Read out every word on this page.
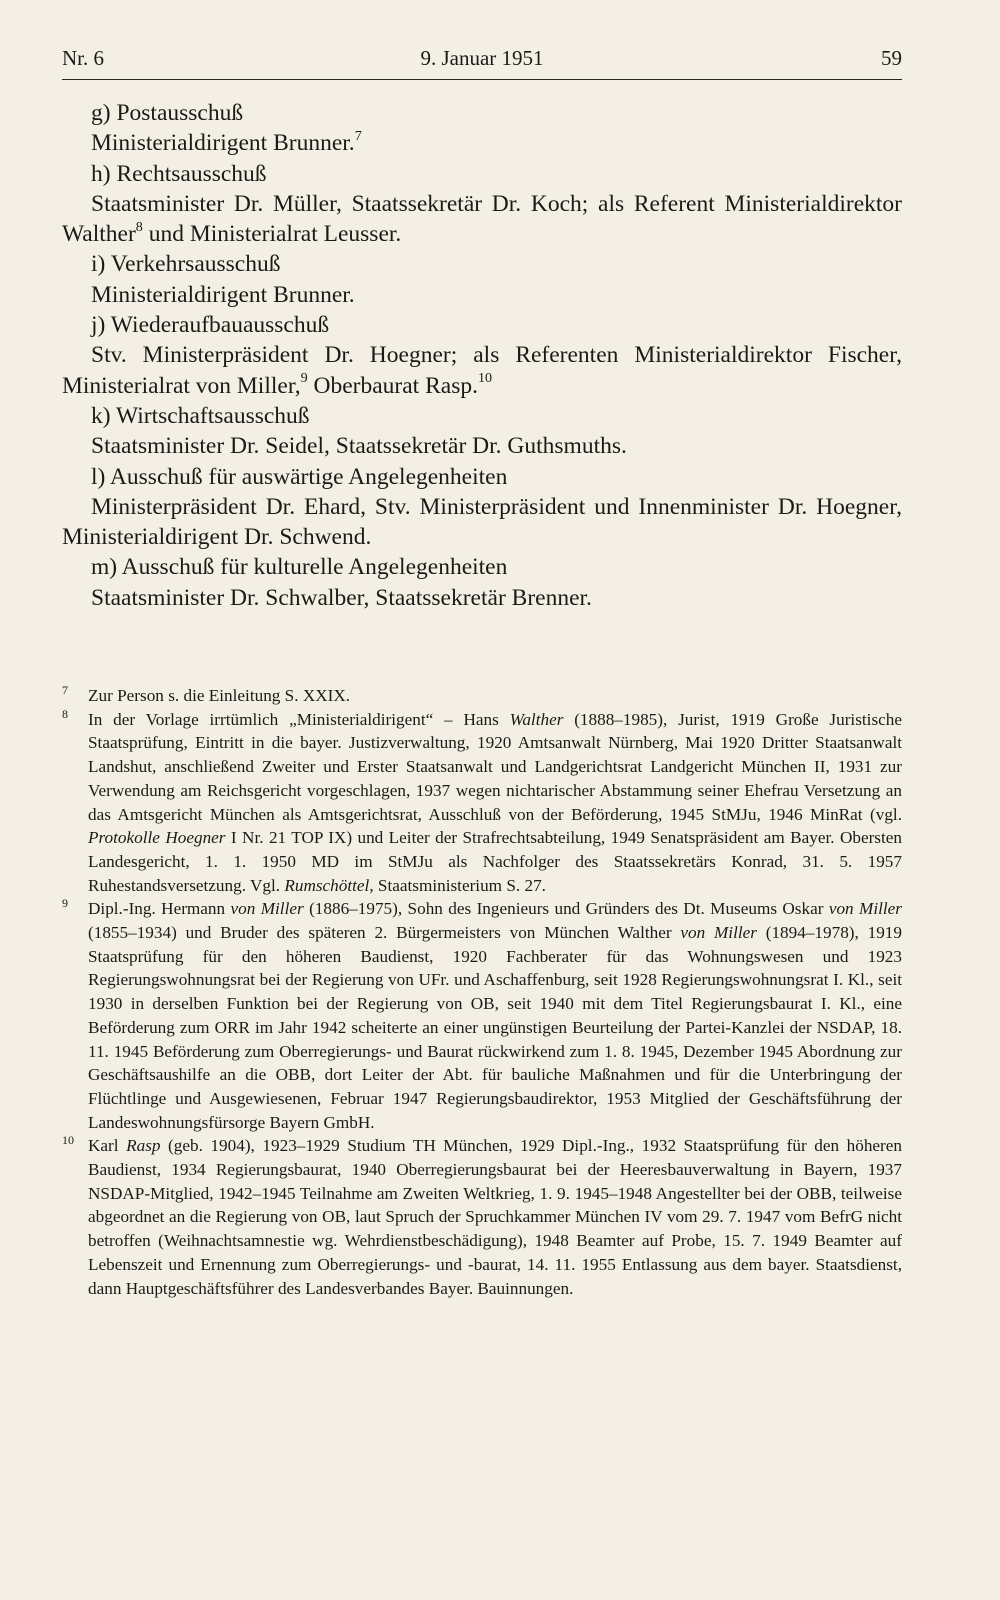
Nr. 6	9. Januar 1951	59

g) Postausschuß

Ministerialdirigent Brunner.$^7$

h) Rechtsausschuß

Staatsminister Dr. Müller, Staatssekretär Dr. Koch; als Referent Ministerialdirektor Walther$^8$ und Ministerialrat Leusser.

i) Verkehrsausschuß

Ministerialdirigent Brunner.

j) Wiederaufbauausschuß

Stv. Ministerpräsident Dr. Hoegner; als Referenten Ministerialdirektor Fischer, Ministerialrat von Miller,$^9$ Oberbaurat Rasp.$^{10}$

k) Wirtschaftsausschuß

Staatsminister Dr. Seidel, Staatssekretär Dr. Guthsmuths.

l) Ausschuß für auswärtige Angelegenheiten

Ministerpräsident Dr. Ehard, Stv. Ministerpräsident und Innenminister Dr. Hoegner, Ministerialdirigent Dr. Schwend.

m) Ausschuß für kulturelle Angelegenheiten

Staatsminister Dr. Schwalber, Staatssekretär Brenner.

7 Zur Person s. die Einleitung S. XXIX.

8 In der Vorlage irrtümlich „Ministerialdirigent“ – Hans Walther (1888–1985), Jurist, 1919 Große Juristische Staatsprüfung, Eintritt in die bayer. Justizverwaltung, 1920 Amtsanwalt Nürnberg, Mai 1920 Dritter Staatsanwalt Landshut, anschließend Zweiter und Erster Staatsanwalt und Landgerichtsrat Landgericht München II, 1931 zur Verwendung am Reichsgericht vorgeschlagen, 1937 wegen nichtarischer Abstammung seiner Ehefrau Versetzung an das Amtsgericht München als Amtsgerichtsrat, Ausschluß von der Beförderung, 1945 StMJu, 1946 MinRat (vgl. Protokolle Hoegner I Nr. 21 TOP IX) und Leiter der Strafrechtsabteilung, 1949 Senatspräsident am Bayer. Obersten Landesgericht, 1. 1. 1950 MD im StMJu als Nachfolger des Staatssekretärs Konrad, 31. 5. 1957 Ruhestandsversetzung. Vgl. Rumschöttel, Staatsministerium S. 27.

9 Dipl.-Ing. Hermann von Miller (1886–1975), Sohn des Ingenieurs und Gründers des Dt. Museums Oskar von Miller (1855–1934) und Bruder des späteren 2. Bürgermeisters von München Walther von Miller (1894–1978), 1919 Staatsprüfung für den höheren Baudienst, 1920 Fachberater für das Wohnungswesen und 1923 Regierungswohnungsrat bei der Regierung von UFr. und Aschaffenburg, seit 1928 Regierungswohnungsrat I. Kl., seit 1930 in derselben Funktion bei der Regierung von OB, seit 1940 mit dem Titel Regierungsbaurat I. Kl., eine Beförderung zum ORR im Jahr 1942 scheiterte an einer ungünstigen Beurteilung der Partei-Kanzlei der NSDAP, 18. 11. 1945 Beförderung zum Oberregierungs- und Baurat rückwirkend zum 1. 8. 1945, Dezember 1945 Abordnung zur Geschäftsaushilfe an die OBB, dort Leiter der Abt. für bauliche Maßnahmen und für die Unterbringung der Flüchtlinge und Ausgewiesenen, Februar 1947 Regierungsbaudirektor, 1953 Mitglied der Geschäftsführung der Landeswohnungsfürsorge Bayern GmbH.

10 Karl Rasp (geb. 1904), 1923–1929 Studium TH München, 1929 Dipl.-Ing., 1932 Staatsprüfung für den höheren Baudienst, 1934 Regierungsbaurat, 1940 Oberregierungsbaurat bei der Heeresbauverwaltung in Bayern, 1937 NSDAP-Mitglied, 1942–1945 Teilnahme am Zweiten Weltkrieg, 1. 9. 1945–1948 Angestellter bei der OBB, teilweise abgeordnet an die Regierung von OB, laut Spruch der Spruchkammer München IV vom 29. 7. 1947 vom BefrG nicht betroffen (Weihnachtsamnestie wg. Wehrdienstbeschädigung), 1948 Beamter auf Probe, 15. 7. 1949 Beamter auf Lebenszeit und Ernennung zum Oberregierungs- und -baurat, 14. 11. 1955 Entlassung aus dem bayer. Staatsdienst, dann Hauptgeschäftsführer des Landesverbandes Bayer. Bauinnungen.
